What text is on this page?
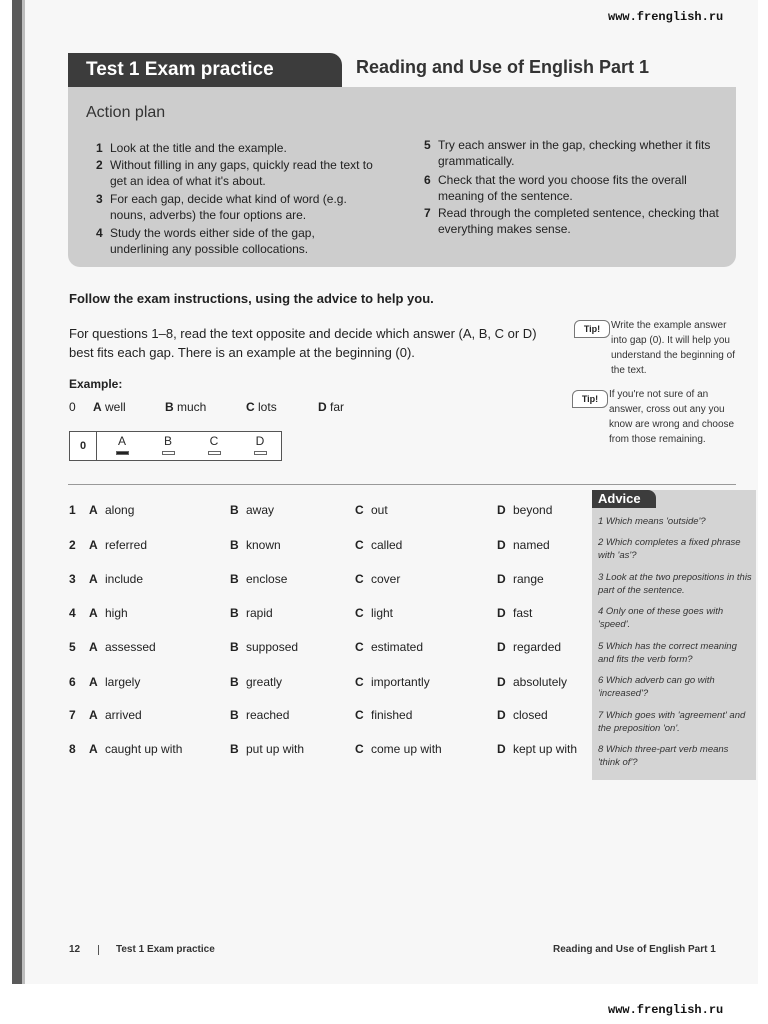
www.frenglish.ru
www.frenglish.ru
Test 1 Exam practice	Reading and Use of English Part 1
Action plan
1 Look at the title and the example.
2 Without filling in any gaps, quickly read the text to get an idea of what it's about.
3 For each gap, decide what kind of word (e.g. nouns, adverbs) the four options are.
4 Study the words either side of the gap, underlining any possible collocations.
5 Try each answer in the gap, checking whether it fits grammatically.
6 Check that the word you choose fits the overall meaning of the sentence.
7 Read through the completed sentence, checking that everything makes sense.
Follow the exam instructions, using the advice to help you.
For questions 1–8, read the text opposite and decide which answer (A, B, C or D) best fits each gap. There is an example at the beginning (0).
Tip!	Write the example answer into gap (0). It will help you understand the beginning of the text.
Tip!	If you're not sure of an answer, cross out any you know are wrong and choose from those remaining.
Example:
0 A well	B much	C lots	D far
0	A	B	C	D
1 A along	B away	C out	D beyond
2 A referred	B known	C called	D named
3 A include	B enclose	C cover	D range
4 A high	B rapid	C light	D fast
5 A assessed	B supposed	C estimated	D regarded
6 A largely	B greatly	C importantly	D absolutely
7 A arrived	B reached	C finished	D closed
8 A caught up with	B put up with	C come up with	D kept up with
Advice
1 Which means 'outside'?
2 Which completes a fixed phrase with 'as'?
3 Look at the two prepositions in this part of the sentence.
4 Only one of these goes with 'speed'.
5 Which has the correct meaning and fits the verb form?
6 Which adverb can go with 'increased'?
7 Which goes with 'agreement' and the preposition 'on'.
8 Which three-part verb means 'think of'?
12	Test 1 Exam practice	Reading and Use of English Part 1
